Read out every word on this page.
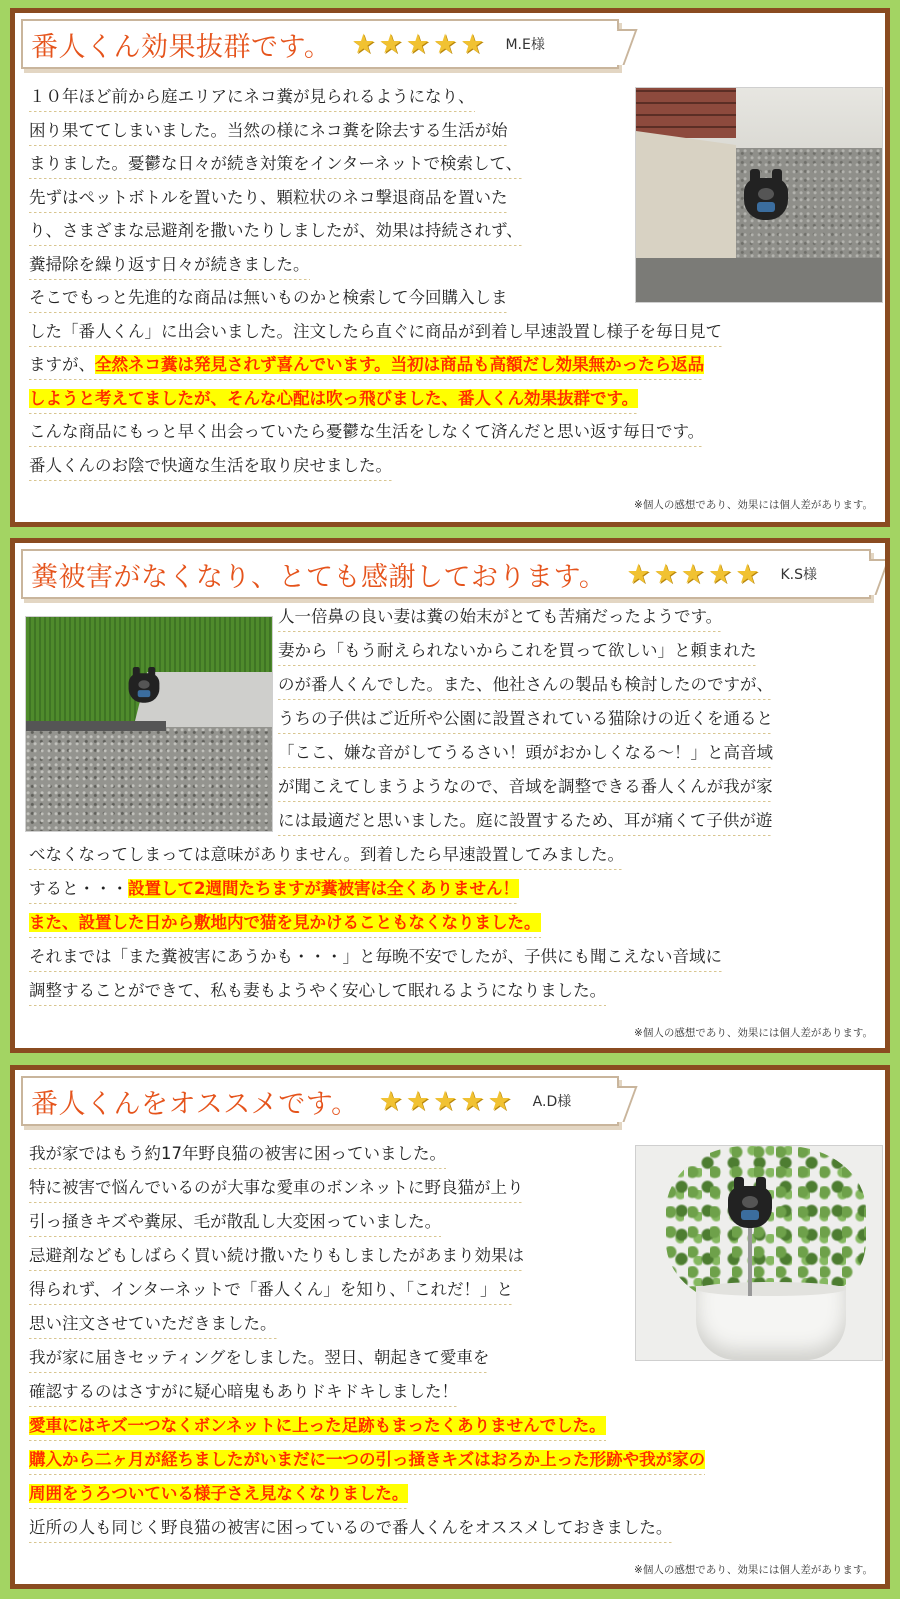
番人くん効果抜群です。 ★ ★ ★ ★ ★ M.E様
１０年ほど前から庭エリアにネコ糞が見られるようになり、
困り果ててしまいました。当然の様にネコ糞を除去する生活が始
まりました。憂鬱な日々が続き対策をインターネットで検索して、
先ずはペットボトルを置いたり、顆粒状のネコ撃退商品を置いた
り、さまざまな忌避剤を撒いたりしましたが、効果は持続されず、
糞掃除を繰り返す日々が続きました。
そこでもっと先進的な商品は無いものかと検索して今回購入しま
した「番人くん」に出会いました。注文したら直ぐに商品が到着し早速設置し様子を毎日見て
ますが、全然ネコ糞は発見されず喜んでいます。当初は商品も高額だし効果無かったら返品
しようと考えてましたが、そんな心配は吹っ飛びました、番人くん効果抜群です。
こんな商品にもっと早く出会っていたら憂鬱な生活をしなくて済んだと思い返す毎日です。
番人くんのお陰で快適な生活を取り戻せました。
※個人の感想であり、効果には個人差があります。
糞被害がなくなり、とても感謝しております。 ★ ★ ★ ★ ★ K.S様
人一倍鼻の良い妻は糞の始末がとても苦痛だったようです。
妻から「もう耐えられないからこれを買って欲しい」と頼まれた
のが番人くんでした。また、他社さんの製品も検討したのですが、
うちの子供はご近所や公園に設置されている猫除けの近くを通ると
「ここ、嫌な音がしてうるさい！頭がおかしくなる～！」と高音域
が聞こえてしまうようなので、音域を調整できる番人くんが我が家
には最適だと思いました。庭に設置するため、耳が痛くて子供が遊
べなくなってしまっては意味がありません。到着したら早速設置してみました。
すると・・・設置して2週間たちますが糞被害は全くありません！
また、設置した日から敷地内で猫を見かけることもなくなりました。
それまでは「また糞被害にあうかも・・・」と毎晩不安でしたが、子供にも聞こえない音域に
調整することができて、私も妻もようやく安心して眠れるようになりました。
※個人の感想であり、効果には個人差があります。
番人くんをオススメです。 ★ ★ ★ ★ ★ A.D様
我が家ではもう約17年野良猫の被害に困っていました。
特に被害で悩んでいるのが大事な愛車のボンネットに野良猫が上り
引っ掻きキズや糞尿、毛が散乱し大変困っていました。
忌避剤などもしばらく買い続け撒いたりもしましたがあまり効果は
得られず、インターネットで「番人くん」を知り、「これだ！」と
思い注文させていただきました。
我が家に届きセッティングをしました。翌日、朝起きて愛車を
確認するのはさすがに疑心暗鬼もありドキドキしました！
愛車にはキズ一つなくボンネットに上った足跡もまったくありませんでした。
購入から二ヶ月が経ちましたがいまだに一つの引っ掻きキズはおろか上った形跡や我が家の
周囲をうろついている様子さえ見なくなりました。
近所の人も同じく野良猫の被害に困っているので番人くんをオススメしておきました。
※個人の感想であり、効果には個人差があります。
